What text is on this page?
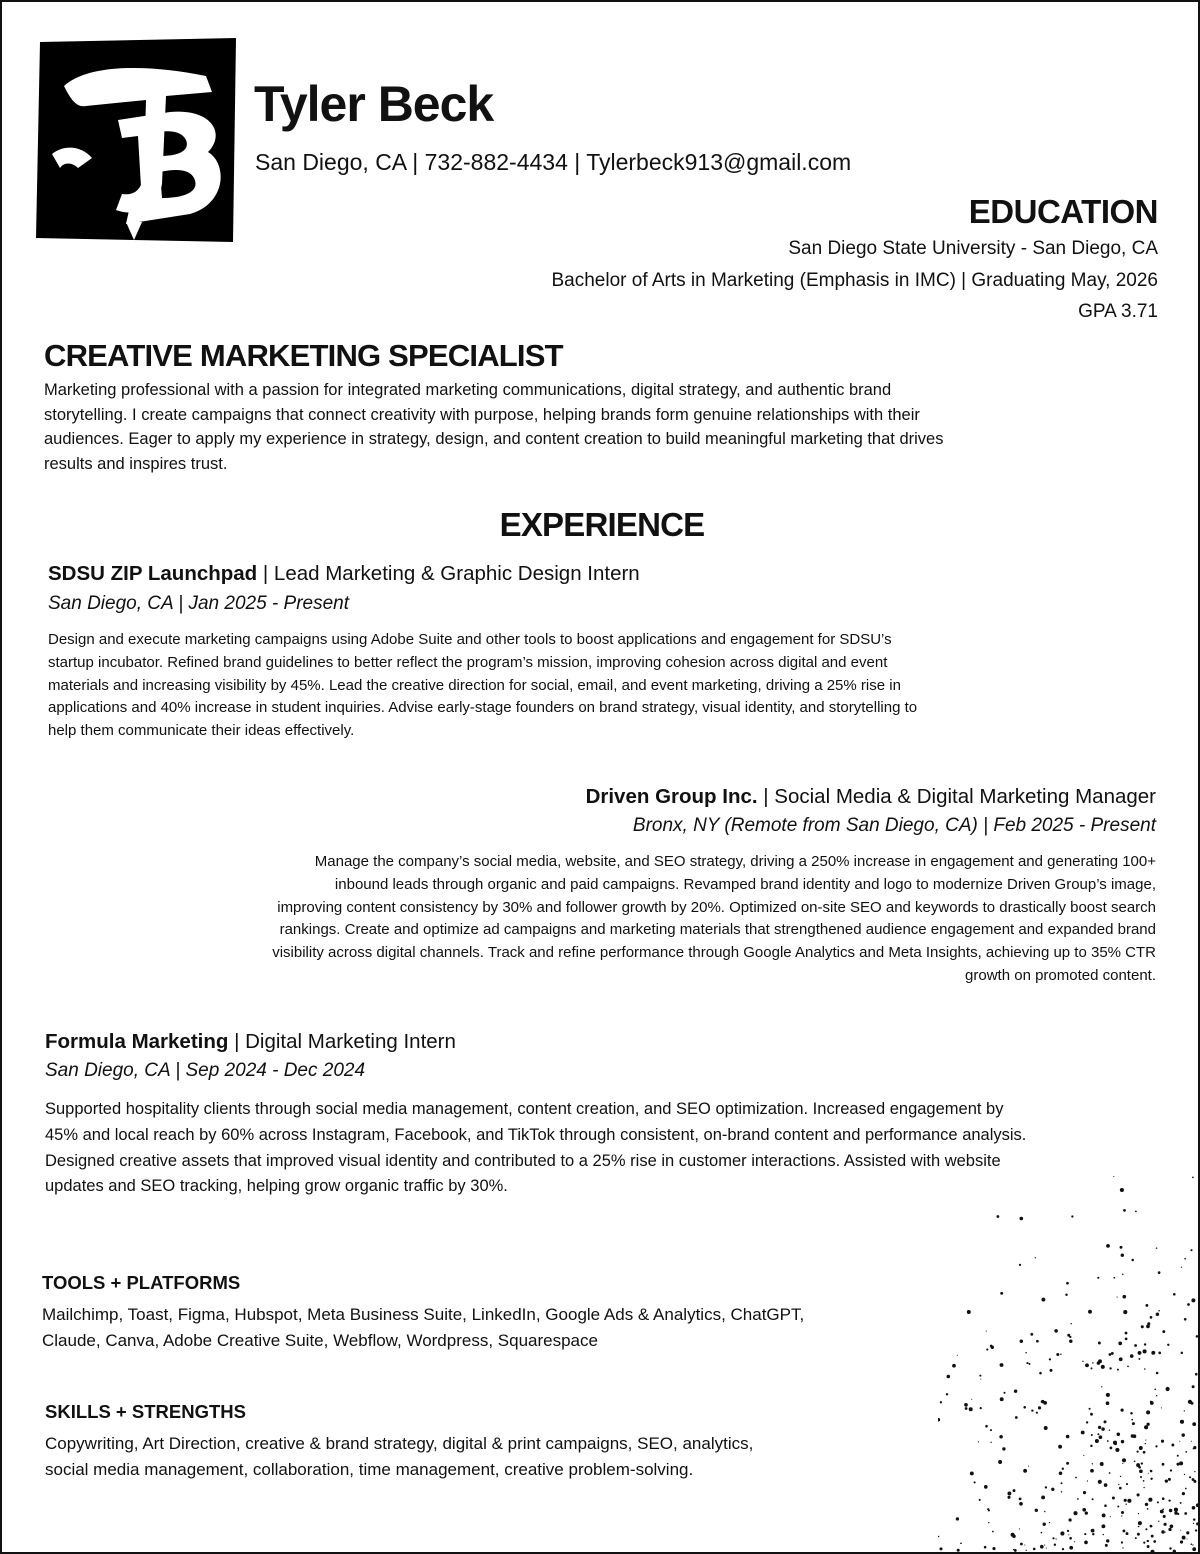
TB
Tyler Beck
San Diego, CA | 732-882-4434 | Tylerbeck913@gmail.com
EDUCATION
San Diego State University - San Diego, CA
Bachelor of Arts in Marketing (Emphasis in IMC) | Graduating May, 2026
GPA 3.71
CREATIVE MARKETING SPECIALIST
Marketing professional with a passion for integrated marketing communications, digital strategy, and authentic brand storytelling. I create campaigns that connect creativity with purpose, helping brands form genuine relationships with their audiences. Eager to apply my experience in strategy, design, and content creation to build meaningful marketing that drives results and inspires trust.
EXPERIENCE
SDSU ZIP Launchpad | Lead Marketing & Graphic Design Intern
San Diego, CA | Jan 2025 - Present
Design and execute marketing campaigns using Adobe Suite and other tools to boost applications and engagement for SDSU’s startup incubator. Refined brand guidelines to better reflect the program’s mission, improving cohesion across digital and event materials and increasing visibility by 45%. Lead the creative direction for social, email, and event marketing, driving a 25% rise in applications and 40% increase in student inquiries. Advise early-stage founders on brand strategy, visual identity, and storytelling to help them communicate their ideas effectively.
Driven Group Inc. | Social Media & Digital Marketing Manager
Bronx, NY (Remote from San Diego, CA) | Feb 2025 - Present
Manage the company’s social media, website, and SEO strategy, driving a 250% increase in engagement and generating 100+ inbound leads through organic and paid campaigns. Revamped brand identity and logo to modernize Driven Group’s image, improving content consistency by 30% and follower growth by 20%. Optimized on-site SEO and keywords to drastically boost search rankings. Create and optimize ad campaigns and marketing materials that strengthened audience engagement and expanded brand visibility across digital channels. Track and refine performance through Google Analytics and Meta Insights, achieving up to 35% CTR growth on promoted content.
Formula Marketing | Digital Marketing Intern
San Diego, CA | Sep 2024 - Dec 2024
Supported hospitality clients through social media management, content creation, and SEO optimization. Increased engagement by 45% and local reach by 60% across Instagram, Facebook, and TikTok through consistent, on-brand content and performance analysis. Designed creative assets that improved visual identity and contributed to a 25% rise in customer interactions. Assisted with website updates and SEO tracking, helping grow organic traffic by 30%.
TOOLS + PLATFORMS
Mailchimp, Toast, Figma, Hubspot, Meta Business Suite, LinkedIn, Google Ads & Analytics, ChatGPT, Claude, Canva, Adobe Creative Suite, Webflow, Wordpress, Squarespace
SKILLS + STRENGTHS
Copywriting, Art Direction, creative & brand strategy, digital & print campaigns, SEO, analytics, social media management, collaboration, time management, creative problem-solving.
